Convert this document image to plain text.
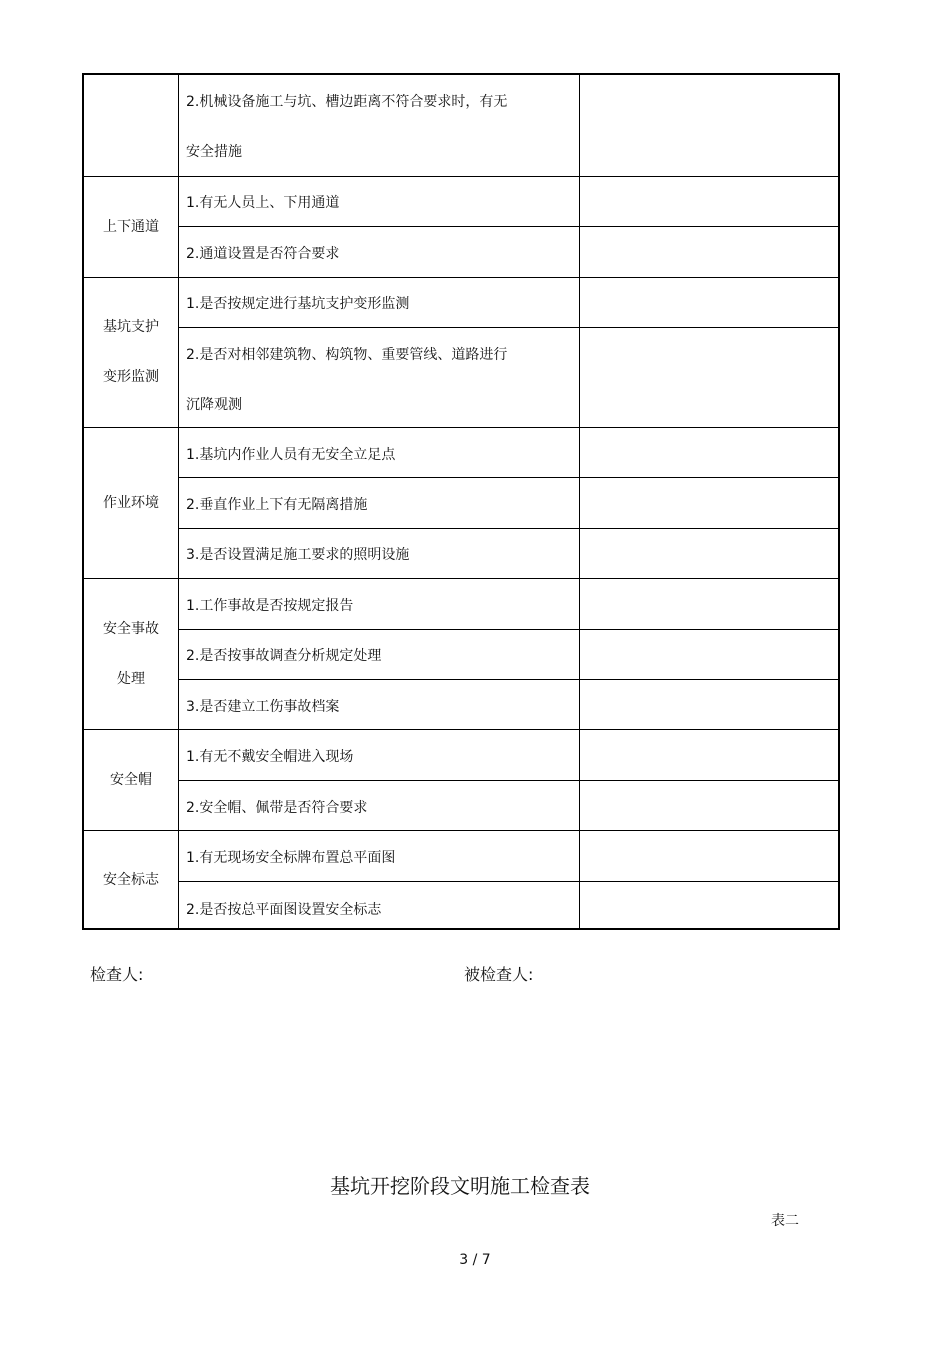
2.机械设备施工与坑、槽边距离不符合要求时，有无
安全措施
上下通道
1.有无人员上、下用通道
2.通道设置是否符合要求
基坑支护
变形监测
1.是否按规定进行基坑支护变形监测
2.是否对相邻建筑物、构筑物、重要管线、道路进行
沉降观测
作业环境
1.基坑内作业人员有无安全立足点
2.垂直作业上下有无隔离措施
3.是否设置满足施工要求的照明设施
安全事故
处理
1.工作事故是否按规定报告
2.是否按事故调查分析规定处理
3.是否建立工伤事故档案
安全帽
1.有无不戴安全帽进入现场
2.安全帽、佩带是否符合要求
安全标志
1.有无现场安全标牌布置总平面图
2.是否按总平面图设置安全标志
检查人:	被检查人:
基坑开挖阶段文明施工检查表
表二
3 / 7
